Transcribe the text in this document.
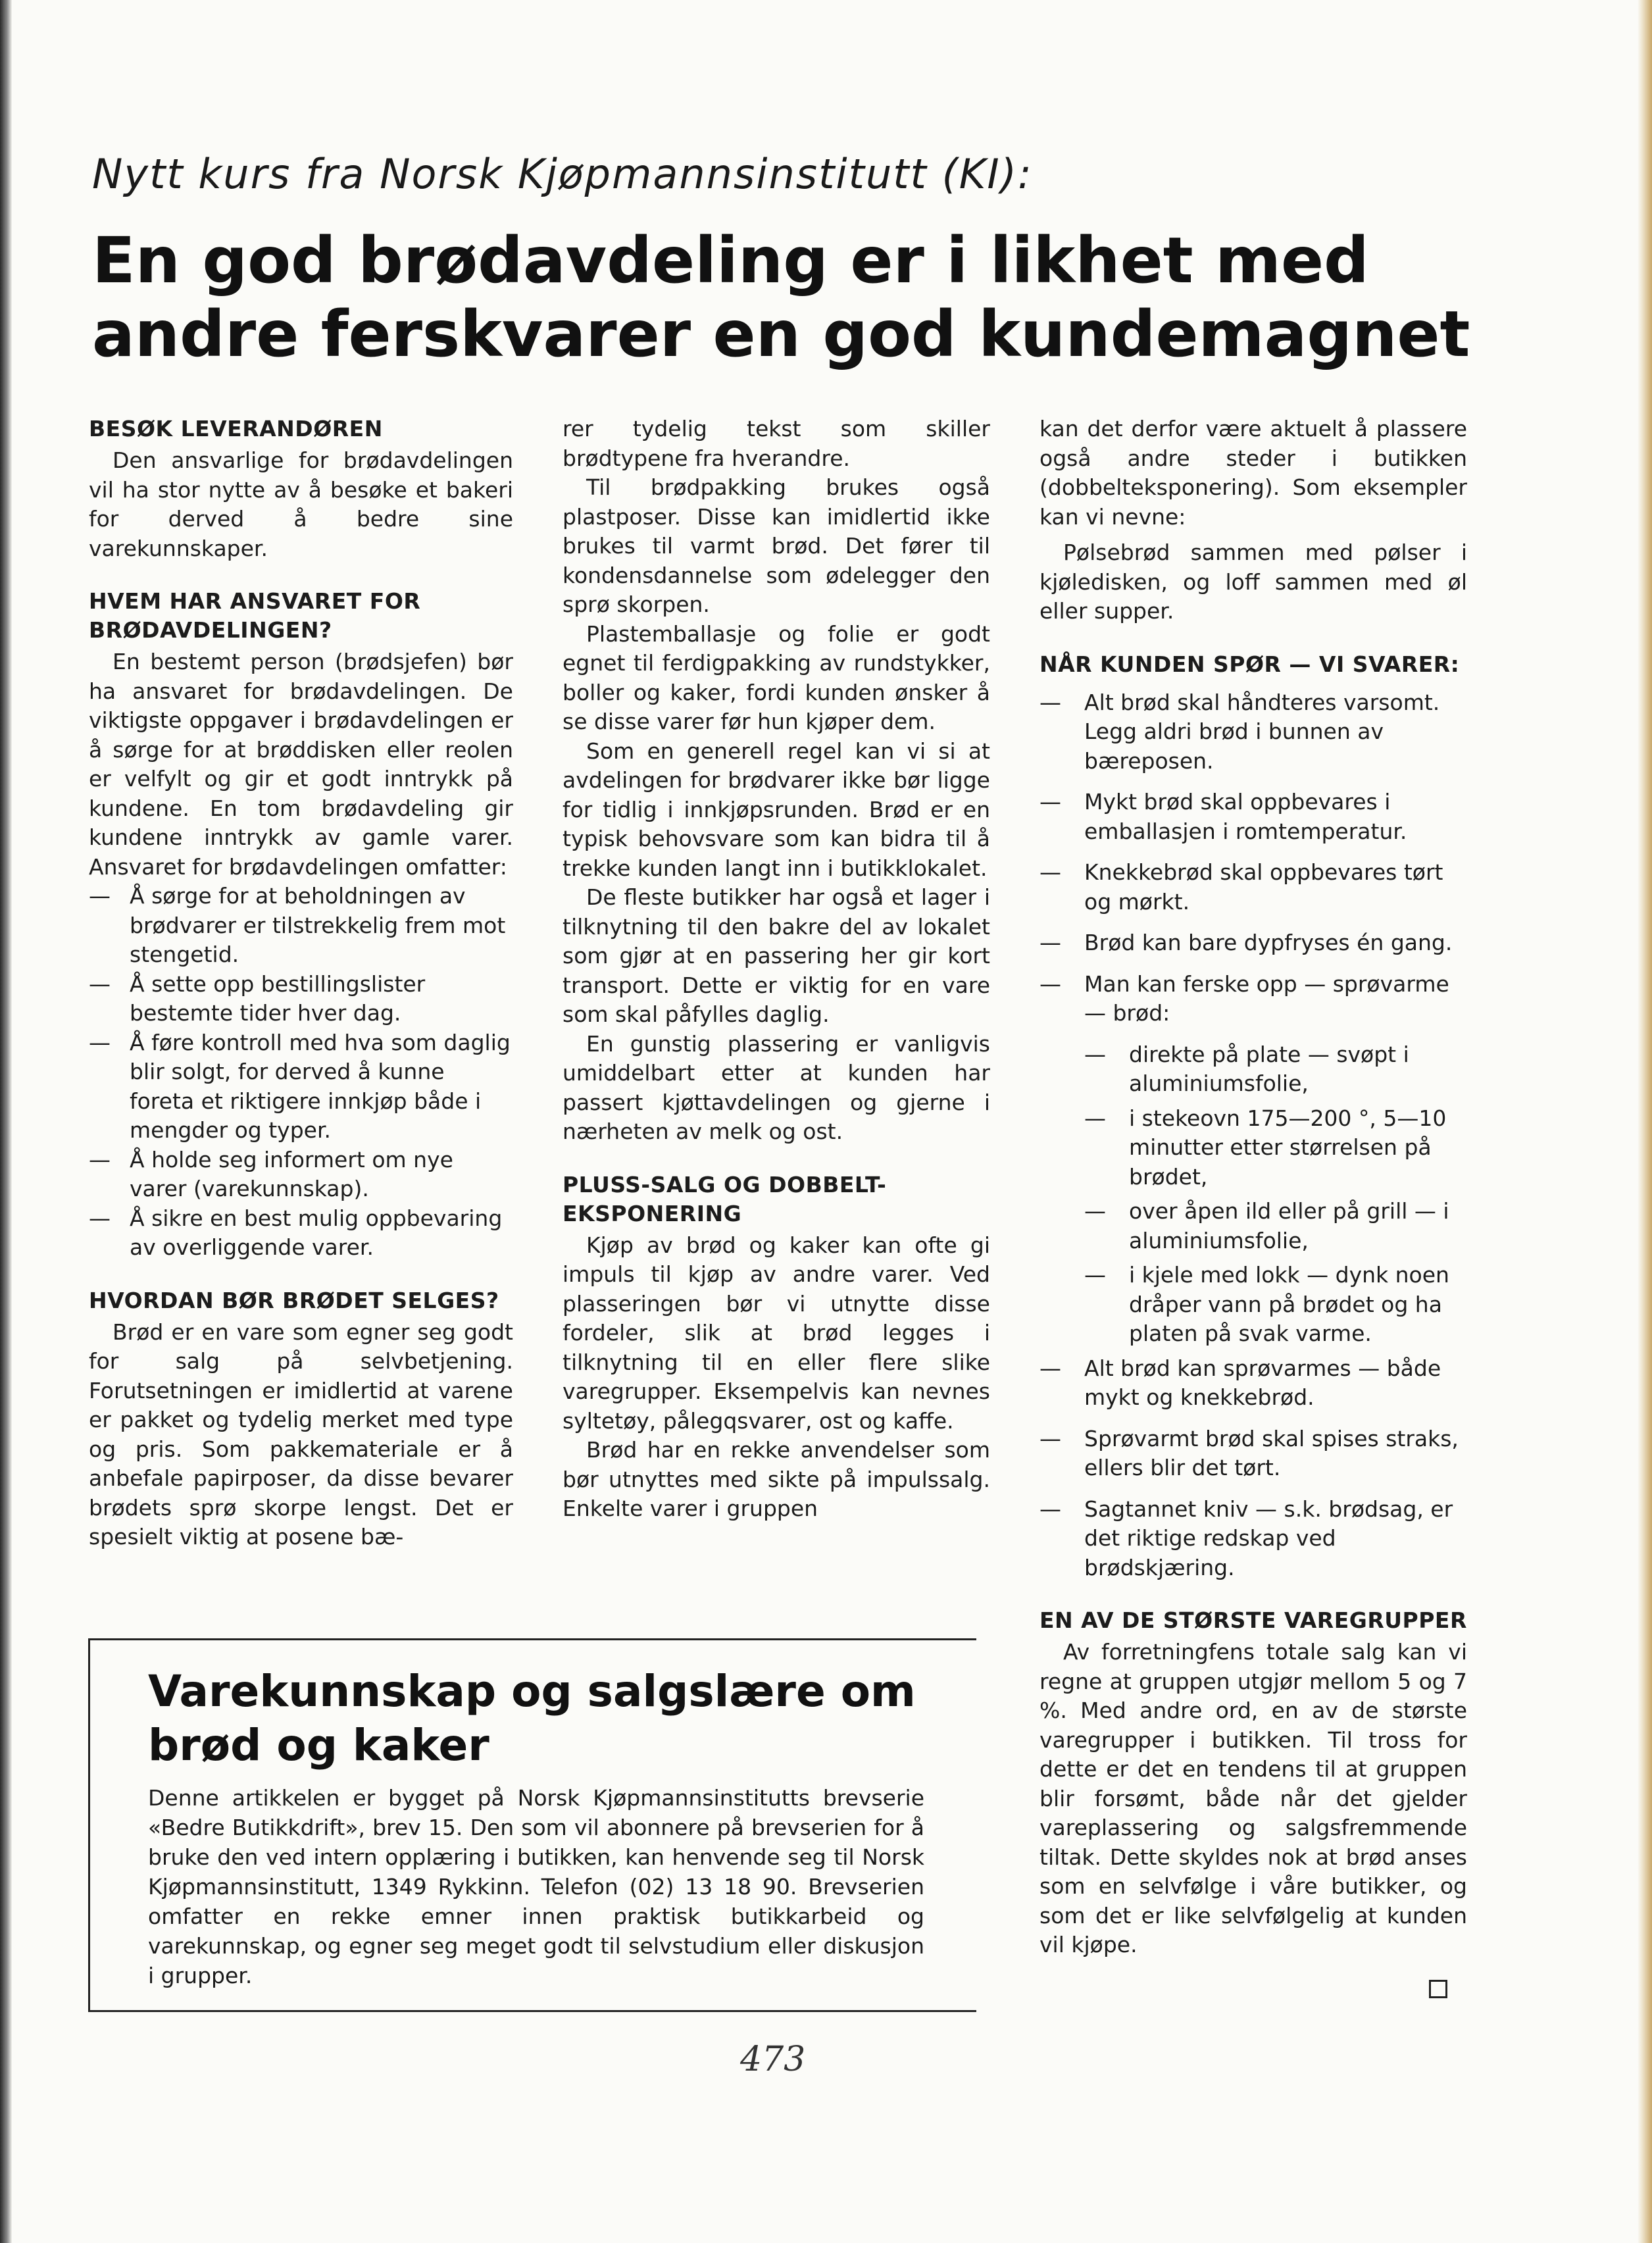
Nytt kurs fra Norsk Kjøpmannsinstitutt (KI):
En god brødavdeling er i likhet med andre ferskvarer en god kundemagnet
BESØK LEVERANDØREN

Den ansvarlige for brødavdelingen vil ha stor nytte av å besøke et bakeri for derved å bedre sine varekunnskaper.

HVEM HAR ANSVARET FOR BRØDAVDELINGEN?

En bestemt person (brødsjefen) bør ha ansvaret for brødavdelingen. De viktigste oppgaver i brødavdelingen er å sørge for at brøddisken eller reolen er velfylt og gir et godt inntrykk på kundene. En tom brødavdeling gir kundene inntrykk av gamle varer. Ansvaret for brødavdelingen omfatter:

— Å sørge for at beholdningen av brødvarer er tilstrekkelig frem mot stengetid.
— Å sette opp bestillingslister bestemte tider hver dag.
— Å føre kontroll med hva som daglig blir solgt, for derved å kunne foreta et riktigere innkjøp både i mengder og typer.
— Å holde seg informert om nye varer (varekunnskap).
— Å sikre en best mulig oppbevaring av overliggende varer.
HVORDAN BØR BRØDET SELGES?

Brød er en vare som egner seg godt for salg på selvbetjening. Forutsetningen er imidlertid at varene er pakket og tydelig merket med type og pris. Som pakkemateriale er å anbefale papirposer, da disse bevarer brødets sprø skorpe lengst. Det er spesielt viktig at posene bæ-

rer tydelig tekst som skiller brødtypene fra hverandre.

Til brødpakking brukes også plastposer. Disse kan imidlertid ikke brukes til varmt brød. Det fører til kondensdannelse som ødelegger den sprø skorpen.

Plastemballasje og folie er godt egnet til ferdigpakking av rundstykker, boller og kaker, fordi kunden ønsker å se disse varer før hun kjøper dem.

Som en generell regel kan vi si at avdelingen for brødvarer ikke bør ligge for tidlig i innkjøpsrunden. Brød er en typisk behovsvare som kan bidra til å trekke kunden langt inn i butikklokalet.

De fleste butikker har også et lager i tilknytning til den bakre del av lokalet som gjør at en passering her gir kort transport. Dette er viktig for en vare som skal påfylles daglig.

En gunstig plassering er vanligvis umiddelbart etter at kunden har passert kjøttavdelingen og gjerne i nærheten av melk og ost.

PLUSS-SALG OG DOBBELT-EKSPONERING

Kjøp av brød og kaker kan ofte gi impuls til kjøp av andre varer. Ved plasseringen bør vi utnytte disse fordeler, slik at brød legges i tilknytning til en eller flere slike varegrupper. Eksempelvis kan nevnes syltetøy, pålegqsvarer, ost og kaffe.

Brød har en rekke anvendelser som bør utnyttes med sikte på impulssalg. Enkelte varer i gruppen

kan det derfor være aktuelt å plassere også andre steder i butikken (dobbelteksponering). Som eksempler kan vi nevne:

Pølsebrød sammen med pølser i kjøledisken, og loff sammen med øl eller supper.

NÅR KUNDEN SPØR — VI SVARER:
— Alt brød skal håndteres varsomt. Legg aldri brød i bunnen av bæreposen.
— Mykt brød skal oppbevares i emballasjen i romtemperatur.
— Knekkebrød skal oppbevares tørt og mørkt.
— Brød kan bare dypfryses én gang.
— Man kan ferske opp — sprøvarme — brød:
— direkte på plate — svøpt i aluminiumsfolie,
— i stekeovn 175—200 °, 5—10 minutter etter størrelsen på brødet,
— over åpen ild eller på grill — i aluminiumsfolie,
— i kjele med lokk — dynk noen dråper vann på brødet og ha platen på svak varme.
— Alt brød kan sprøvarmes — både mykt og knekkebrød.
— Sprøvarmt brød skal spises straks, ellers blir det tørt.
— Sagtannet kniv — s.k. brødsag, er det riktige redskap ved brødskjæring.
EN AV DE STØRSTE VAREGRUPPER

Av forretningfens totale salg kan vi regne at gruppen utgjør mellom 5 og 7 %. Med andre ord, en av de største varegrupper i butikken. Til tross for dette er det en tendens til at gruppen blir forsømt, både når det gjelder vareplassering og salgsfremmende tiltak. Dette skyldes nok at brød anses som en selvfølge i våre butikker, og som det er like selvfølgelig at kunden vil kjøpe.

Varekunnskap og salgslære om brød og kaker

Denne artikkelen er bygget på Norsk Kjøpmannsinstitutts brevserie «Bedre Butikkdrift», brev 15. Den som vil abonnere på brevserien for å bruke den ved intern opplæring i butikken, kan henvende seg til Norsk Kjøpmannsinstitutt, 1349 Rykkinn. Telefon (02) 13 18 90. Brevserien omfatter en rekke emner innen praktisk butikkarbeid og varekunnskap, og egner seg meget godt til selvstudium eller diskusjon i grupper.

473
